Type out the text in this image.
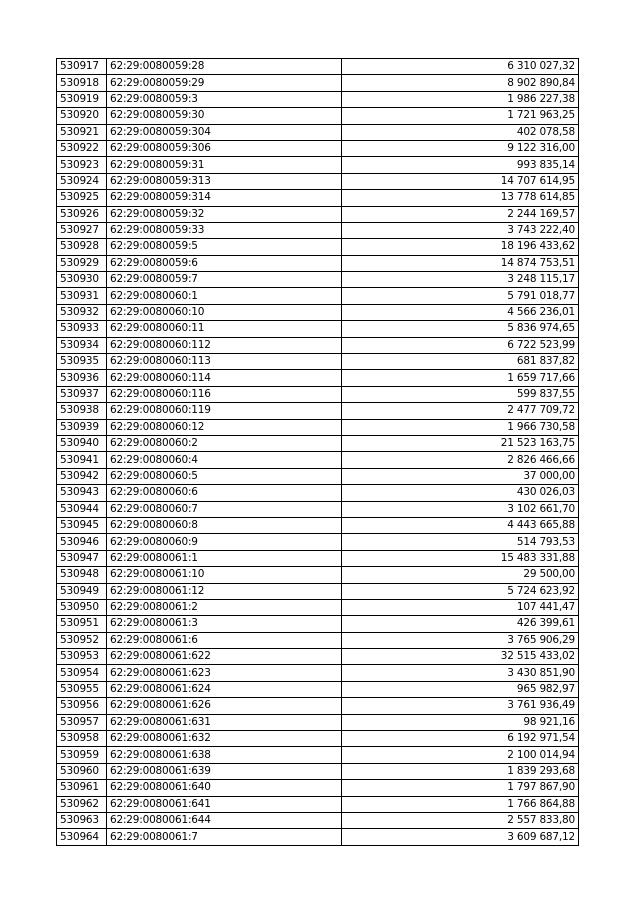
530917	62:29:0080059:28	6 310 027,32
530918	62:29:0080059:29	8 902 890,84
530919	62:29:0080059:3	1 986 227,38
530920	62:29:0080059:30	1 721 963,25
530921	62:29:0080059:304	402 078,58
530922	62:29:0080059:306	9 122 316,00
530923	62:29:0080059:31	993 835,14
530924	62:29:0080059:313	14 707 614,95
530925	62:29:0080059:314	13 778 614,85
530926	62:29:0080059:32	2 244 169,57
530927	62:29:0080059:33	3 743 222,40
530928	62:29:0080059:5	18 196 433,62
530929	62:29:0080059:6	14 874 753,51
530930	62:29:0080059:7	3 248 115,17
530931	62:29:0080060:1	5 791 018,77
530932	62:29:0080060:10	4 566 236,01
530933	62:29:0080060:11	5 836 974,65
530934	62:29:0080060:112	6 722 523,99
530935	62:29:0080060:113	681 837,82
530936	62:29:0080060:114	1 659 717,66
530937	62:29:0080060:116	599 837,55
530938	62:29:0080060:119	2 477 709,72
530939	62:29:0080060:12	1 966 730,58
530940	62:29:0080060:2	21 523 163,75
530941	62:29:0080060:4	2 826 466,66
530942	62:29:0080060:5	37 000,00
530943	62:29:0080060:6	430 026,03
530944	62:29:0080060:7	3 102 661,70
530945	62:29:0080060:8	4 443 665,88
530946	62:29:0080060:9	514 793,53
530947	62:29:0080061:1	15 483 331,88
530948	62:29:0080061:10	29 500,00
530949	62:29:0080061:12	5 724 623,92
530950	62:29:0080061:2	107 441,47
530951	62:29:0080061:3	426 399,61
530952	62:29:0080061:6	3 765 906,29
530953	62:29:0080061:622	32 515 433,02
530954	62:29:0080061:623	3 430 851,90
530955	62:29:0080061:624	965 982,97
530956	62:29:0080061:626	3 761 936,49
530957	62:29:0080061:631	98 921,16
530958	62:29:0080061:632	6 192 971,54
530959	62:29:0080061:638	2 100 014,94
530960	62:29:0080061:639	1 839 293,68
530961	62:29:0080061:640	1 797 867,90
530962	62:29:0080061:641	1 766 864,88
530963	62:29:0080061:644	2 557 833,80
530964	62:29:0080061:7	3 609 687,12
